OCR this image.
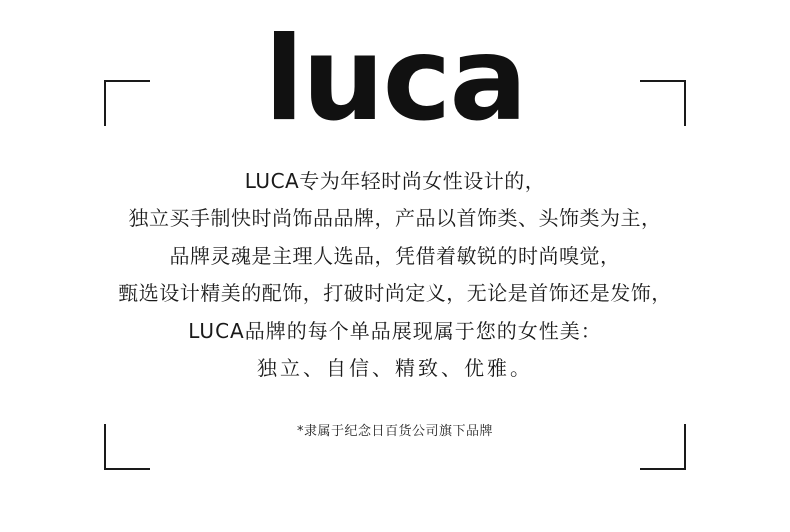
luca

LUCA专为年轻时尚女性设计的，

独立买手制快时尚饰品品牌，产品以首饰类、头饰类为主，

品牌灵魂是主理人选品，凭借着敏锐的时尚嗅觉，

甄选设计精美的配饰，打破时尚定义，无论是首饰还是发饰，

LUCA品牌的每个单品展现属于您的女性美：

独立、自信、精致、优雅。

*隶属于纪念日百货公司旗下品牌
